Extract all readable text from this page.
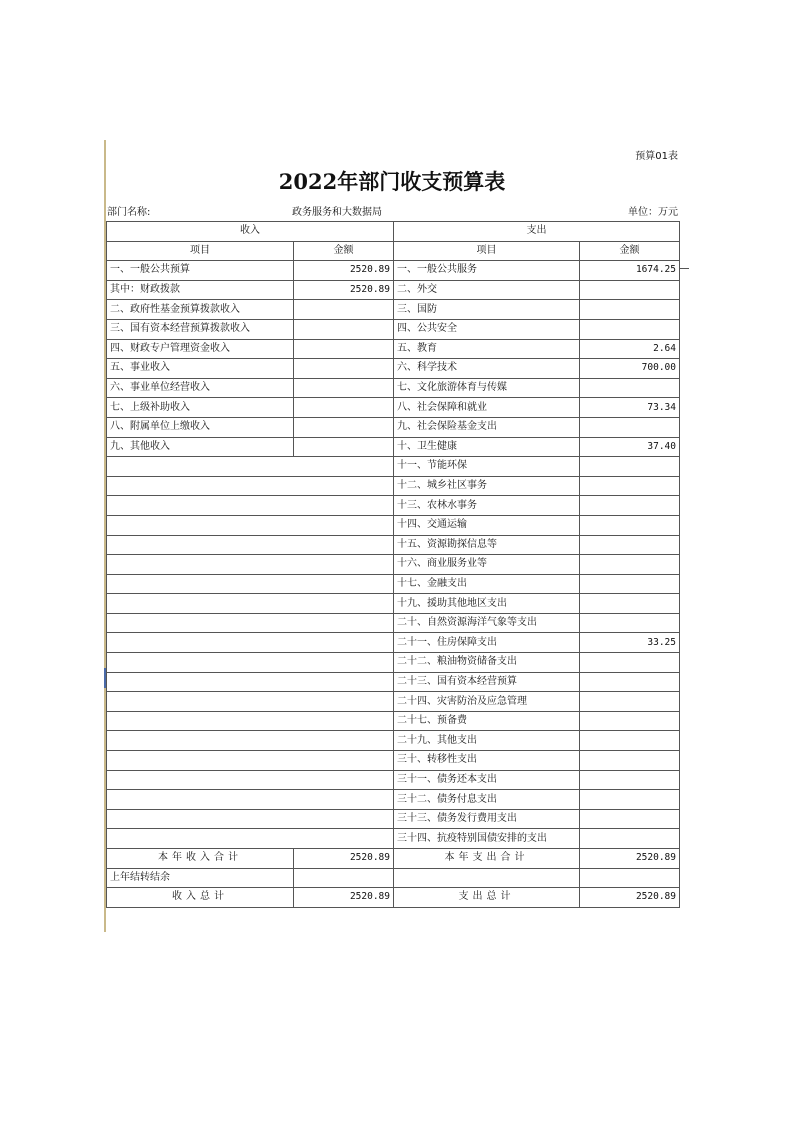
预算01表
2022年部门收支预算表
部门名称:	政务服务和大数据局	单位：万元
收入		支出	
项目	金额	项目	金额
一、一般公共预算	2520.89	一、一般公共服务	1674.25
其中：财政拨款	2520.89	二、外交	
二、政府性基金预算拨款收入		三、国防	
三、国有资本经营预算拨款收入		四、公共安全	
四、财政专户管理资金收入		五、教育	2.64
五、事业收入		六、科学技术	700.00
六、事业单位经营收入		七、文化旅游体育与传媒	
七、上级补助收入		八、社会保障和就业	73.34
八、附属单位上缴收入		九、社会保险基金支出	
九、其他收入		十、卫生健康	37.40
		十一、节能环保	
		十二、城乡社区事务	
		十三、农林水事务	
		十四、交通运输	
		十五、资源勘探信息等	
		十六、商业服务业等	
		十七、金融支出	
		十九、援助其他地区支出	
		二十、自然资源海洋气象等支出	
		二十一、住房保障支出	33.25
		二十二、粮油物资储备支出	
		二十三、国有资本经营预算	
		二十四、灾害防治及应急管理	
		二十七、预备费	
		二十九、其他支出	
		三十、转移性支出	
		三十一、债务还本支出	
		三十二、债务付息支出	
		三十三、债务发行费用支出	
		三十四、抗疫特别国债安排的支出	
本年收入合计	2520.89	本年支出合计	2520.89
上年结转结余			
收入总计	2520.89	支出总计	2520.89
